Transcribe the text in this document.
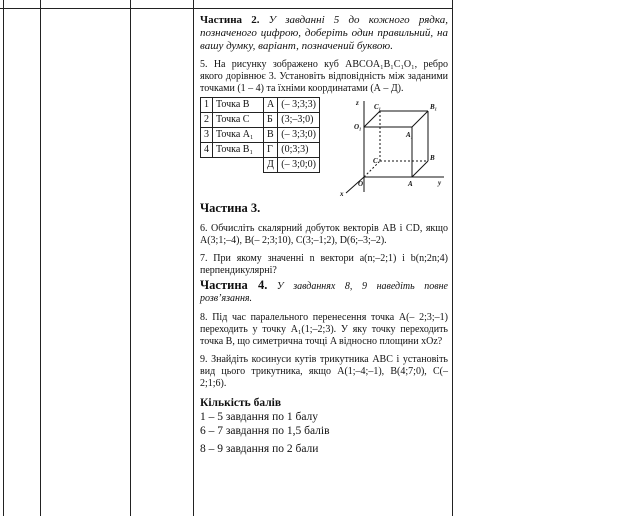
Частина 2. У завданні 5 до кожного рядка, позначеного цифрою, доберіть один правильний, на вашу думку, варіант, позначений буквою.

5. На рисунку зображено куб ABCOA₁B₁C₁O₁, ребро якого дорівнює 3. Установіть відповідність між заданими точками (1 – 4) та їхніми координатами (А – Д).

1	Точка B	А	(– 3;3;3)
2	Точка C	Б	(3;–3;0)
3	Точка A₁	В	(– 3;3;0)
4	Точка B₁	Г	(0;3;3)
		Д	(– 3;0;0)
z
x
y
C₁	B₁
O₁
A₁
C	B
O	A

Частина 3.

6. Обчисліть скалярний добуток векторів AB і CD, якщо A(3;1;–4), B(– 2;3;10), C(3;–1;2), D(6;–3;–2).

7. При якому значенні n вектори a(n;–2;1) і b(n;2n;4) перпендикулярні?

Частина 4. У завданнях 8, 9 наведіть повне розв’язання.

8. Під час паралельного перенесення точка A(– 2;3;–1) переходить у точку A₁(1;–2;3). У яку точку переходить точка B, що симетрична точці A відносно площини xOz?

9. Знайдіть косинуси кутів трикутника ABC і установіть вид цього трикутника, якщо A(1;–4;–1), B(4;7;0), C(– 2;1;6).

Кількість балів
1 – 5 завдання по 1 балу
6 – 7 завдання по 1,5 балів
8 – 9 завдання по 2 бали
